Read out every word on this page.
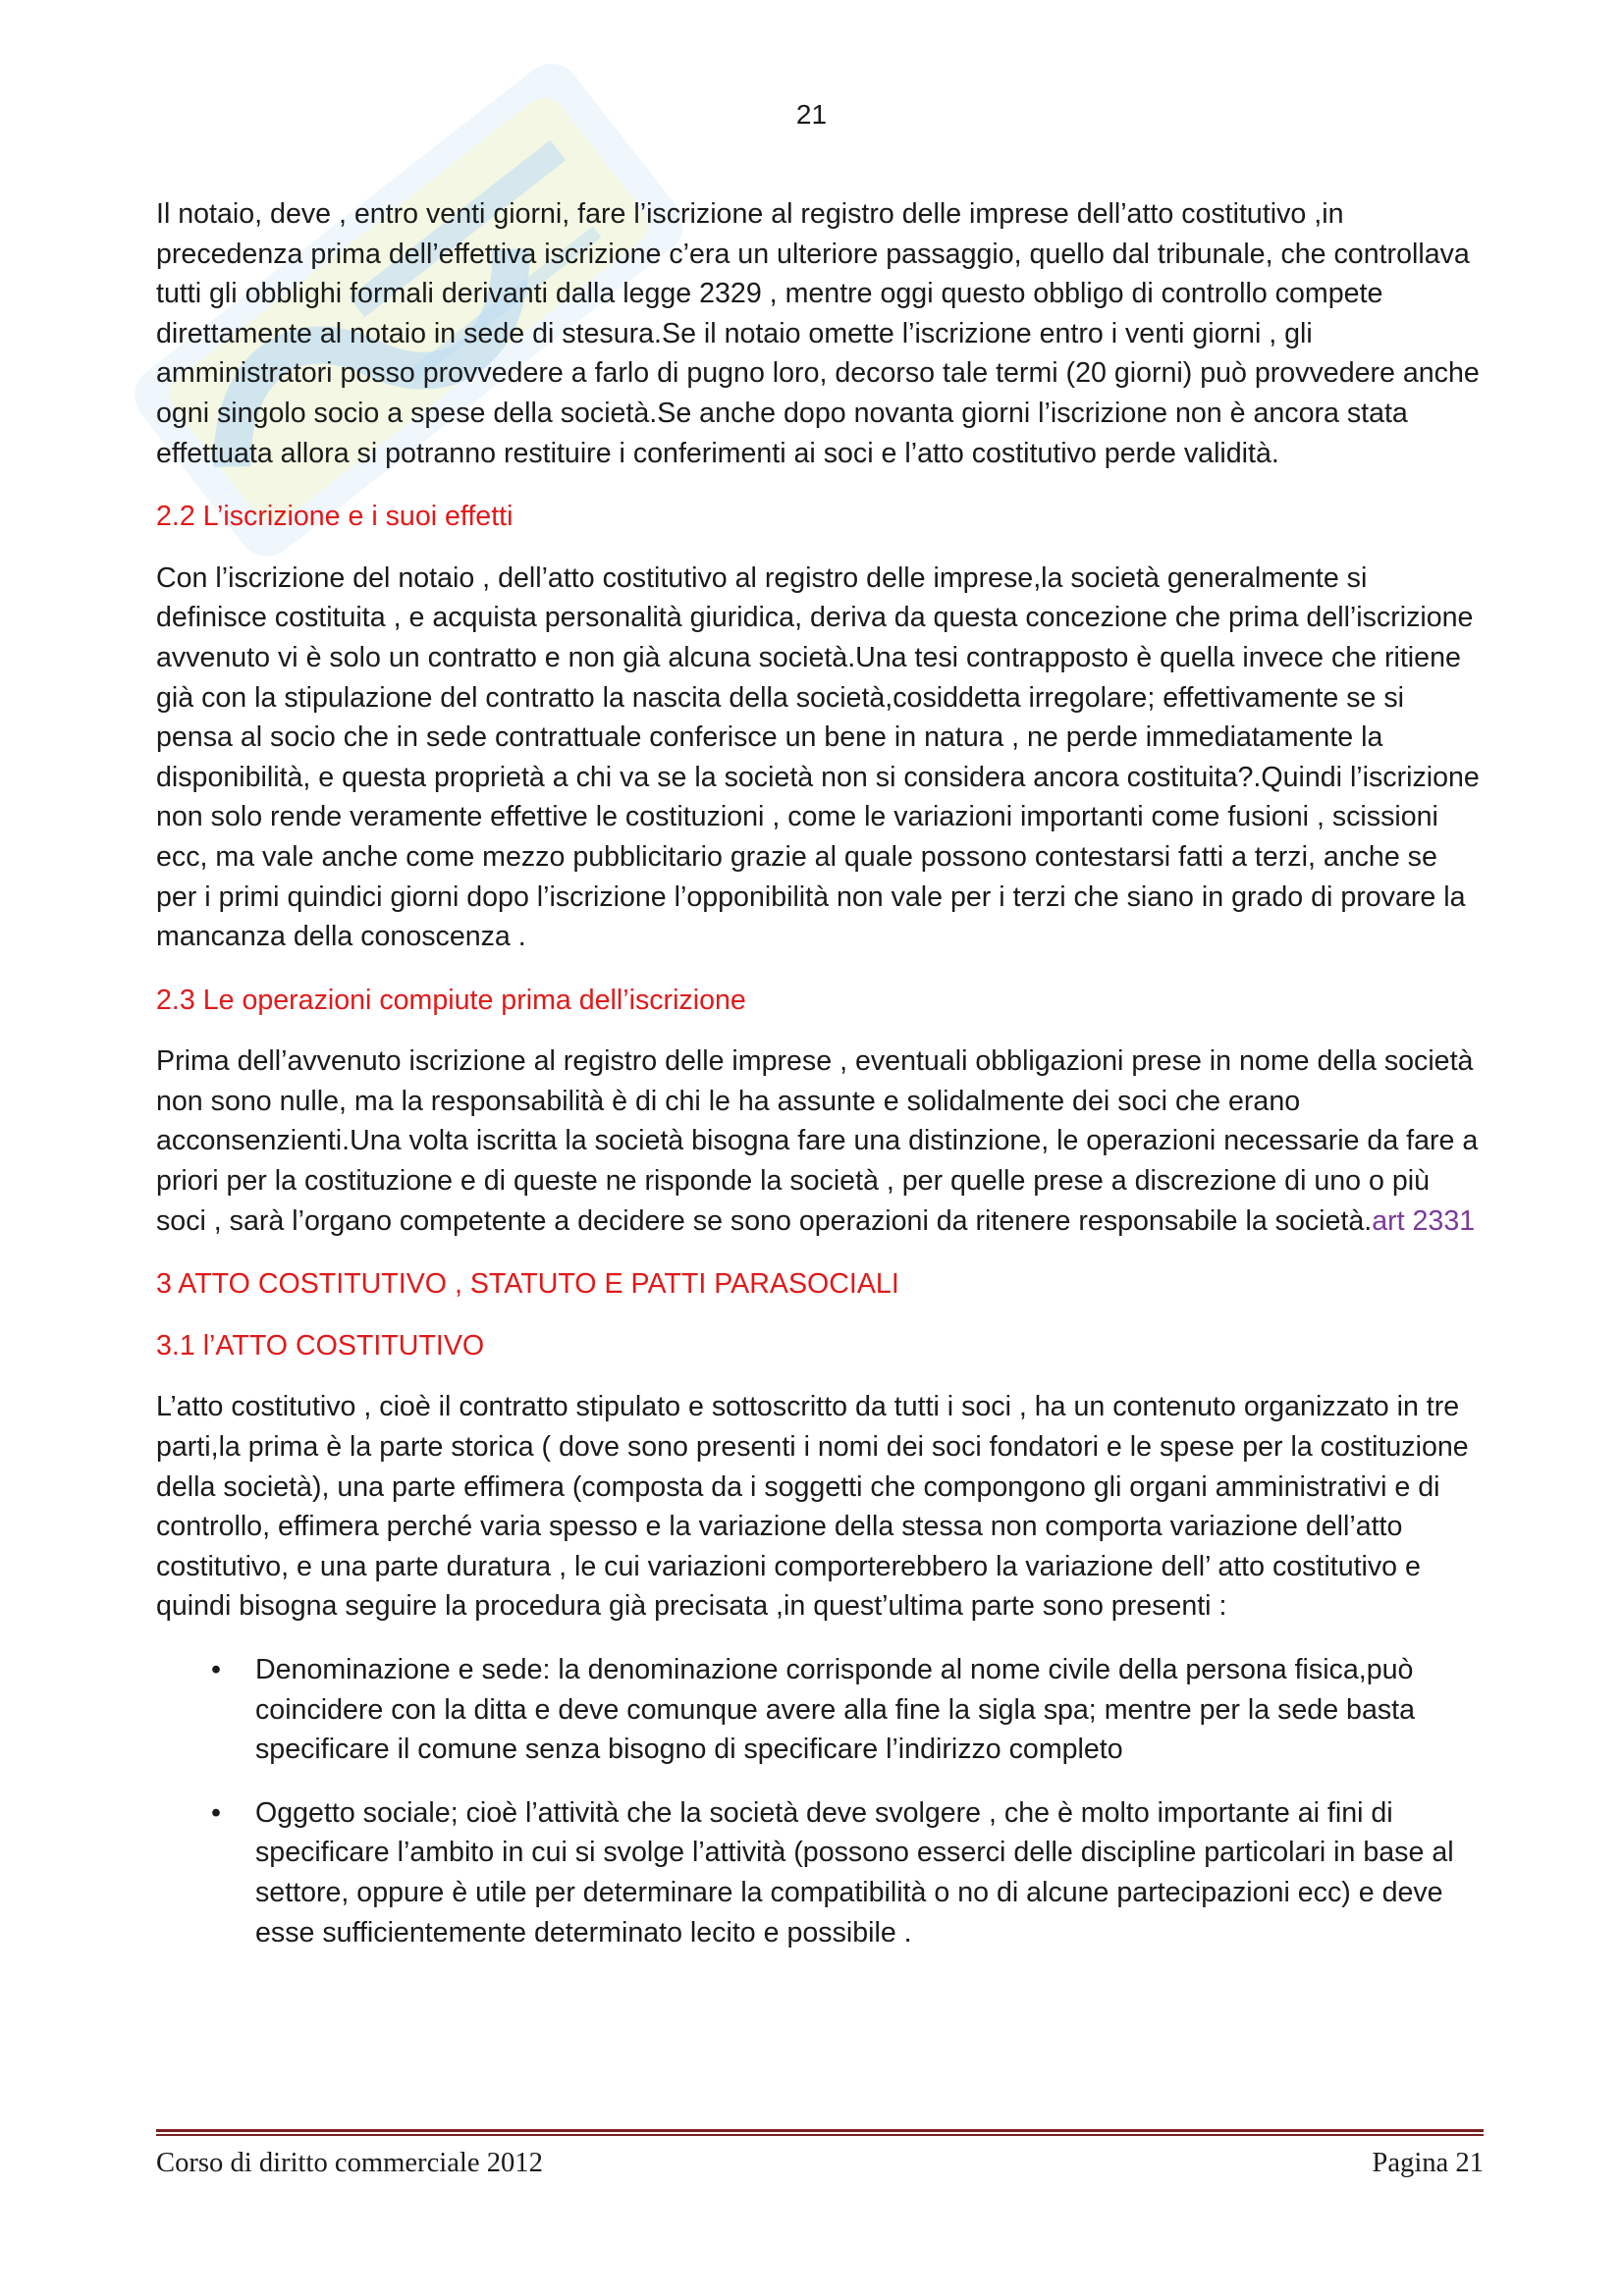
21

Il notaio, deve , entro venti giorni, fare l’iscrizione al registro delle imprese dell’atto costitutivo ,in precedenza prima dell’effettiva iscrizione c’era un ulteriore passaggio, quello dal tribunale, che controllava tutti gli obblighi formali derivanti dalla legge 2329 , mentre oggi questo obbligo di controllo compete direttamente al notaio in sede di stesura.Se il notaio omette l’iscrizione entro i venti giorni , gli amministratori posso provvedere a farlo di pugno loro, decorso tale termi (20 giorni) può provvedere anche ogni singolo socio a spese della società.Se anche dopo novanta giorni l’iscrizione non è ancora stata effettuata allora si potranno restituire i conferimenti ai soci e l’atto costitutivo perde validità.

2.2 L’iscrizione e i suoi effetti

Con l’iscrizione del notaio , dell’atto costitutivo al registro delle imprese,la società generalmente si definisce costituita , e acquista personalità giuridica, deriva da questa concezione che prima dell’iscrizione avvenuto vi è solo un contratto e non già alcuna società.Una tesi contrapposto è quella invece che ritiene già con la stipulazione del contratto la nascita della società,cosiddetta irregolare; effettivamente se si pensa al socio che in sede contrattuale conferisce un bene in natura , ne perde immediatamente la disponibilità, e questa proprietà a chi va se la società non si considera ancora costituita?.Quindi l’iscrizione non solo rende veramente effettive le costituzioni , come le variazioni importanti come fusioni , scissioni ecc, ma vale anche come mezzo pubblicitario grazie al quale possono contestarsi fatti a terzi, anche se per i primi quindici giorni dopo l’iscrizione l’opponibilità non vale per i terzi che siano in grado di provare la mancanza della conoscenza .

2.3 Le operazioni compiute prima dell’iscrizione

Prima dell’avvenuto iscrizione al registro delle imprese , eventuali obbligazioni prese in nome della società non sono nulle, ma la responsabilità è di chi le ha assunte e solidalmente dei soci che erano acconsenzienti.Una volta iscritta la società bisogna fare una distinzione, le operazioni necessarie da fare a priori per la costituzione e di queste ne risponde la società , per quelle prese a discrezione di uno o più soci , sarà l’organo competente a decidere se sono operazioni da ritenere responsabile la società.art 2331

3 ATTO COSTITUTIVO , STATUTO E PATTI PARASOCIALI
3.1 l’ATTO COSTITUTIVO

L’atto costitutivo , cioè il contratto stipulato e sottoscritto da tutti i soci , ha un contenuto organizzato in tre parti,la prima è la parte storica ( dove sono presenti i nomi dei soci fondatori e le spese per la costituzione della società), una parte effimera (composta da i soggetti che compongono gli organi amministrativi e di controllo, effimera perché varia spesso e la variazione della stessa non comporta variazione dell’atto costitutivo, e una parte duratura , le cui variazioni comporterebbero la variazione dell’ atto costitutivo e quindi bisogna seguire la procedura già precisata ,in quest’ultima parte sono presenti :

• Denominazione e sede: la denominazione corrisponde al nome civile della persona fisica,può coincidere con la ditta e deve comunque avere alla fine la sigla spa; mentre per la sede basta specificare il comune senza bisogno di specificare l’indirizzo completo
• Oggetto sociale; cioè l’attività che la società deve svolgere , che è molto importante ai fini di specificare l’ambito in cui si svolge l’attività (possono esserci delle discipline particolari in base al settore, oppure è utile per determinare la compatibilità o no di alcune partecipazioni ecc) e deve esse sufficientemente determinato lecito e possibile .
Corso di diritto commerciale 2012	Pagina 21
